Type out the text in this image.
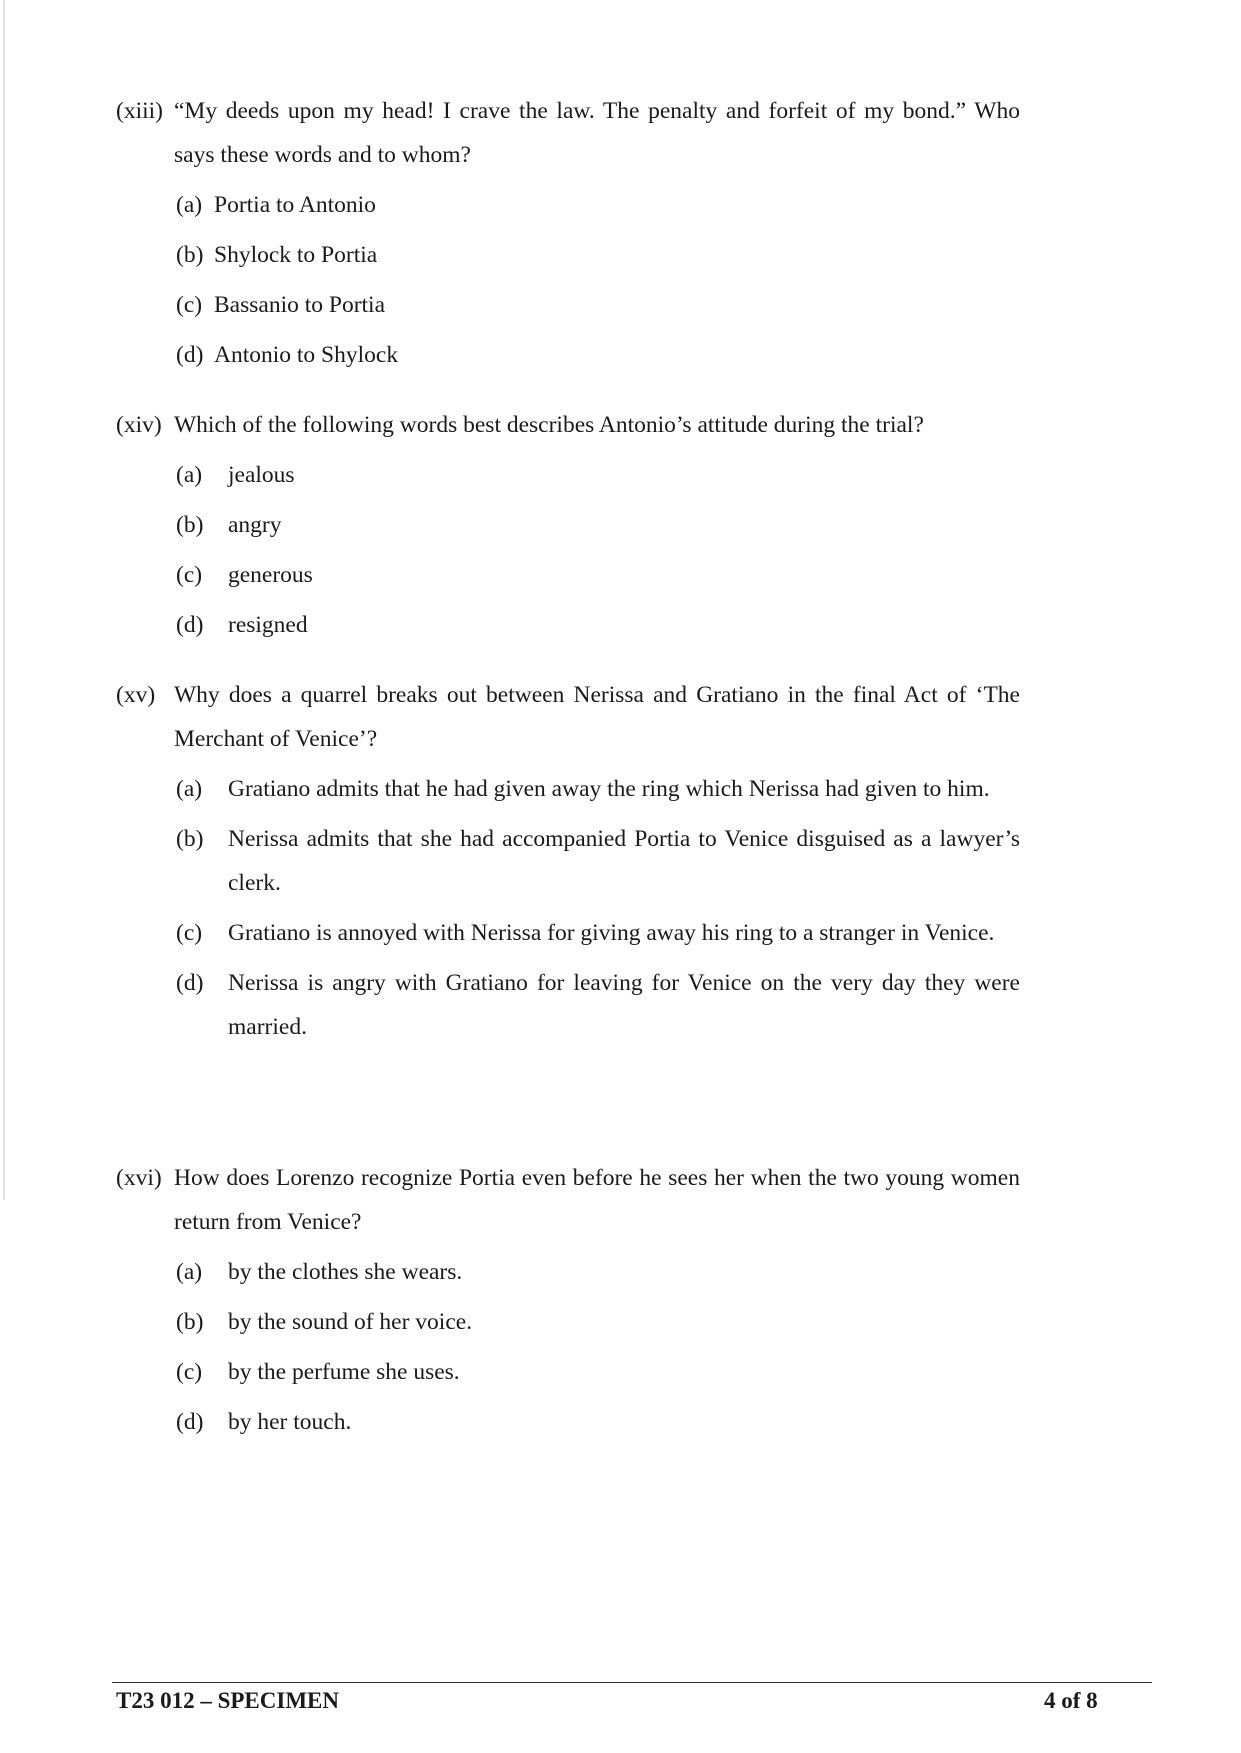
(xiii) “My deeds upon my head! I crave the law. The penalty and forfeit of my bond.” Who says these words and to whom?
(a) Portia to Antonio
(b) Shylock to Portia
(c) Bassanio to Portia
(d) Antonio to Shylock
(xiv) Which of the following words best describes Antonio’s attitude during the trial?
(a)	jealous
(b)	angry
(c)	generous
(d)	resigned
(xv) Why does a quarrel breaks out between Nerissa and Gratiano in the final Act of ‘The Merchant of Venice’?
(a)	Gratiano admits that he had given away the ring which Nerissa had given to him.
(b)	Nerissa admits that she had accompanied Portia to Venice disguised as a lawyer’s clerk.
(c)	Gratiano is annoyed with Nerissa for giving away his ring to a stranger in Venice.
(d)	Nerissa is angry with Gratiano for leaving for Venice on the very day they were married.
(xvi) How does Lorenzo recognize Portia even before he sees her when the two young women return from Venice?
(a)	by the clothes she wears.
(b)	by the sound of her voice.
(c)	by the perfume she uses.
(d)	by her touch.
T23 012 – SPECIMEN	4 of 8
